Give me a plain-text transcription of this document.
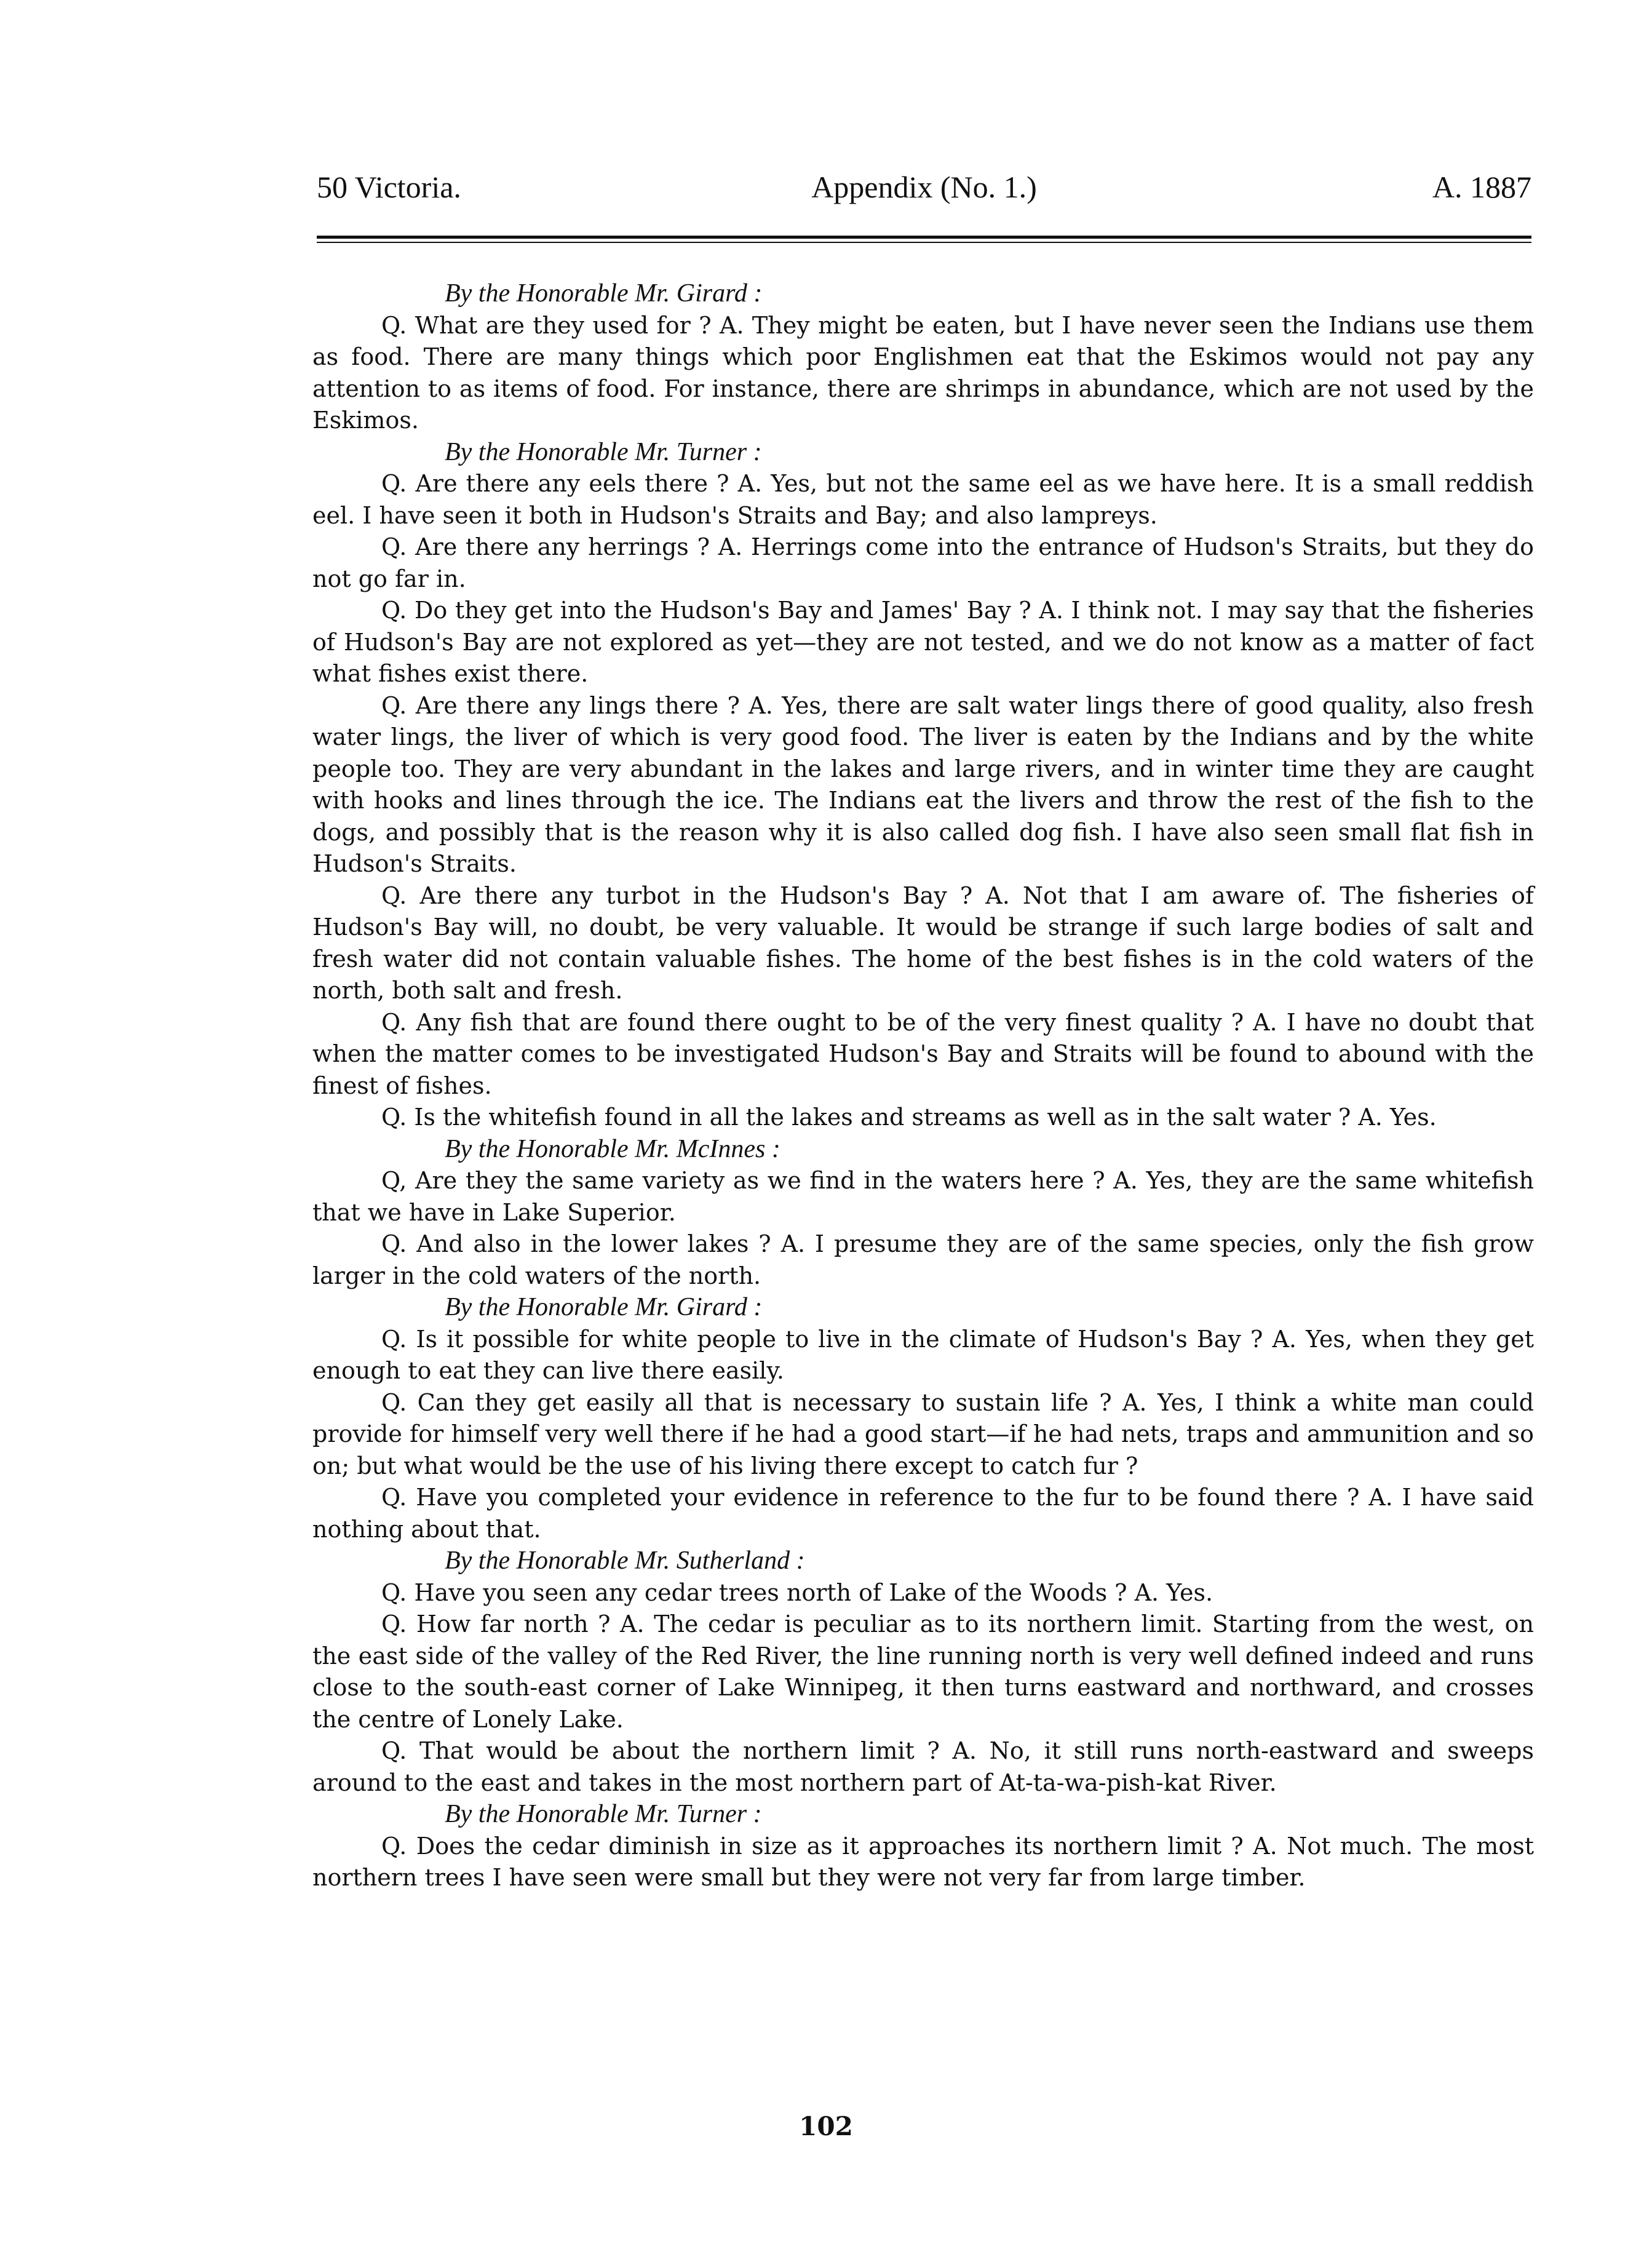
50 Victoria.	Appendix (No. 1.)	A. 1887

By the Honorable Mr. Girard :

Q. What are they used for ? A. They might be eaten, but I have never seen the Indians use them as food. There are many things which poor Englishmen eat that the Eskimos would not pay any attention to as items of food. For instance, there are shrimps in abundance, which are not used by the Eskimos.

By the Honorable Mr. Turner :

Q. Are there any eels there ? A. Yes, but not the same eel as we have here. It is a small reddish eel. I have seen it both in Hudson's Straits and Bay; and also lampreys.

Q. Are there any herrings ? A. Herrings come into the entrance of Hudson's Straits, but they do not go far in.

Q. Do they get into the Hudson's Bay and James' Bay ? A. I think not. I may say that the fisheries of Hudson's Bay are not explored as yet—they are not tested, and we do not know as a matter of fact what fishes exist there.

Q. Are there any lings there ? A. Yes, there are salt water lings there of good quality, also fresh water lings, the liver of which is very good food. The liver is eaten by the Indians and by the white people too. They are very abundant in the lakes and large rivers, and in winter time they are caught with hooks and lines through the ice. The Indians eat the livers and throw the rest of the fish to the dogs, and possibly that is the reason why it is also called dog fish. I have also seen small flat fish in Hudson's Straits.

Q. Are there any turbot in the Hudson's Bay ? A. Not that I am aware of. The fisheries of Hudson's Bay will, no doubt, be very valuable. It would be strange if such large bodies of salt and fresh water did not contain valuable fishes. The home of the best fishes is in the cold waters of the north, both salt and fresh.

Q. Any fish that are found there ought to be of the very finest quality ? A. I have no doubt that when the matter comes to be investigated Hudson's Bay and Straits will be found to abound with the finest of fishes.

Q. Is the whitefish found in all the lakes and streams as well as in the salt water ? A. Yes.

By the Honorable Mr. McInnes :

Q, Are they the same variety as we find in the waters here ? A. Yes, they are the same whitefish that we have in Lake Superior.

Q. And also in the lower lakes ? A. I presume they are of the same species, only the fish grow larger in the cold waters of the north.

By the Honorable Mr. Girard :

Q. Is it possible for white people to live in the climate of Hudson's Bay ? A. Yes, when they get enough to eat they can live there easily.

Q. Can they get easily all that is necessary to sustain life ? A. Yes, I think a white man could provide for himself very well there if he had a good start—if he had nets, traps and ammunition and so on; but what would be the use of his living there except to catch fur ?

Q. Have you completed your evidence in reference to the fur to be found there ? A. I have said nothing about that.

By the Honorable Mr. Sutherland :

Q. Have you seen any cedar trees north of Lake of the Woods ? A. Yes.

Q. How far north ? A. The cedar is peculiar as to its northern limit. Starting from the west, on the east side of the valley of the Red River, the line running north is very well defined indeed and runs close to the south-east corner of Lake Winnipeg, it then turns eastward and northward, and crosses the centre of Lonely Lake.

Q. That would be about the northern limit ? A. No, it still runs north-eastward and sweeps around to the east and takes in the most northern part of At-ta-wa-pish-kat River.

By the Honorable Mr. Turner :

Q. Does the cedar diminish in size as it approaches its northern limit ? A. Not much. The most northern trees I have seen were small but they were not very far from large timber.

102
